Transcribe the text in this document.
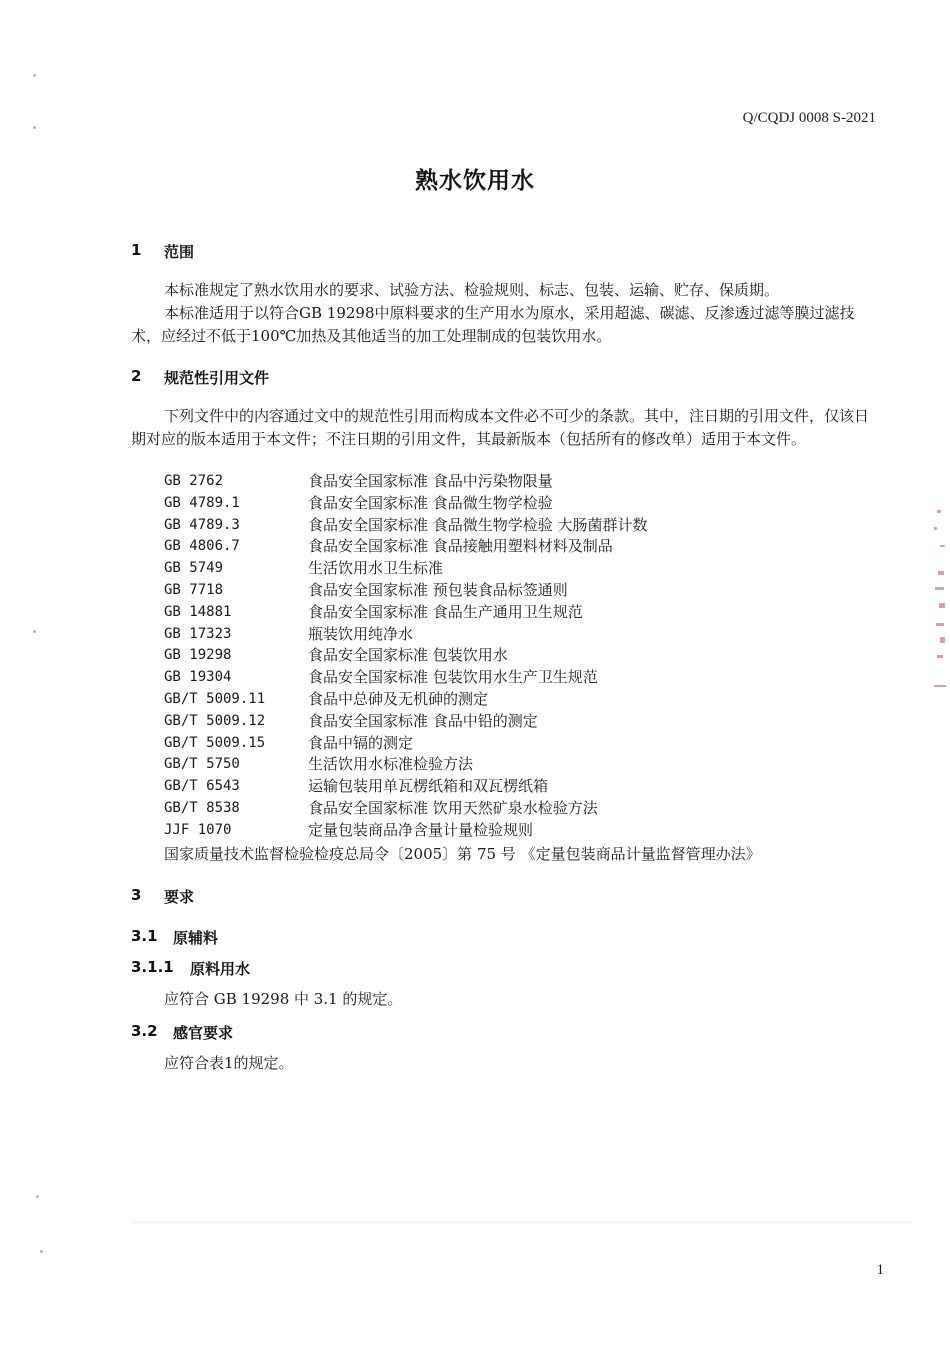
Q/CQDJ 0008 S-2021
熟水饮用水
1 范围
本标准规定了熟水饮用水的要求、试验方法、检验规则、标志、包装、运输、贮存、保质期。
本标准适用于以符合GB 19298中原料要求的生产用水为原水，采用超滤、碳滤、反渗透过滤等膜过滤技术，应经过不低于100℃加热及其他适当的加工处理制成的包装饮用水。
2 规范性引用文件
下列文件中的内容通过文中的规范性引用而构成本文件必不可少的条款。其中，注日期的引用文件，仅该日期对应的版本适用于本文件；不注日期的引用文件，其最新版本（包括所有的修改单）适用于本文件。
GB 2762	食品安全国家标准 食品中污染物限量
GB 4789.1	食品安全国家标准 食品微生物学检验
GB 4789.3	食品安全国家标准 食品微生物学检验 大肠菌群计数
GB 4806.7	食品安全国家标准 食品接触用塑料材料及制品
GB 5749	生活饮用水卫生标准
GB 7718	食品安全国家标准 预包装食品标签通则
GB 14881	食品安全国家标准 食品生产通用卫生规范
GB 17323	瓶装饮用纯净水
GB 19298	食品安全国家标准 包装饮用水
GB 19304	食品安全国家标准 包装饮用水生产卫生规范
GB/T 5009.11	食品中总砷及无机砷的测定
GB/T 5009.12	食品安全国家标准 食品中铅的测定
GB/T 5009.15	食品中镉的测定
GB/T 5750	生活饮用水标准检验方法
GB/T 6543	运输包装用单瓦楞纸箱和双瓦楞纸箱
GB/T 8538	食品安全国家标准 饮用天然矿泉水检验方法
JJF 1070	定量包装商品净含量计量检验规则
国家质量技术监督检验检疫总局令〔2005〕第 75 号 《定量包装商品计量监督管理办法》
3 要求
3.1 原辅料
3.1.1 原料用水
应符合 GB 19298 中 3.1 的规定。
3.2 感官要求
应符合表1的规定。
1
